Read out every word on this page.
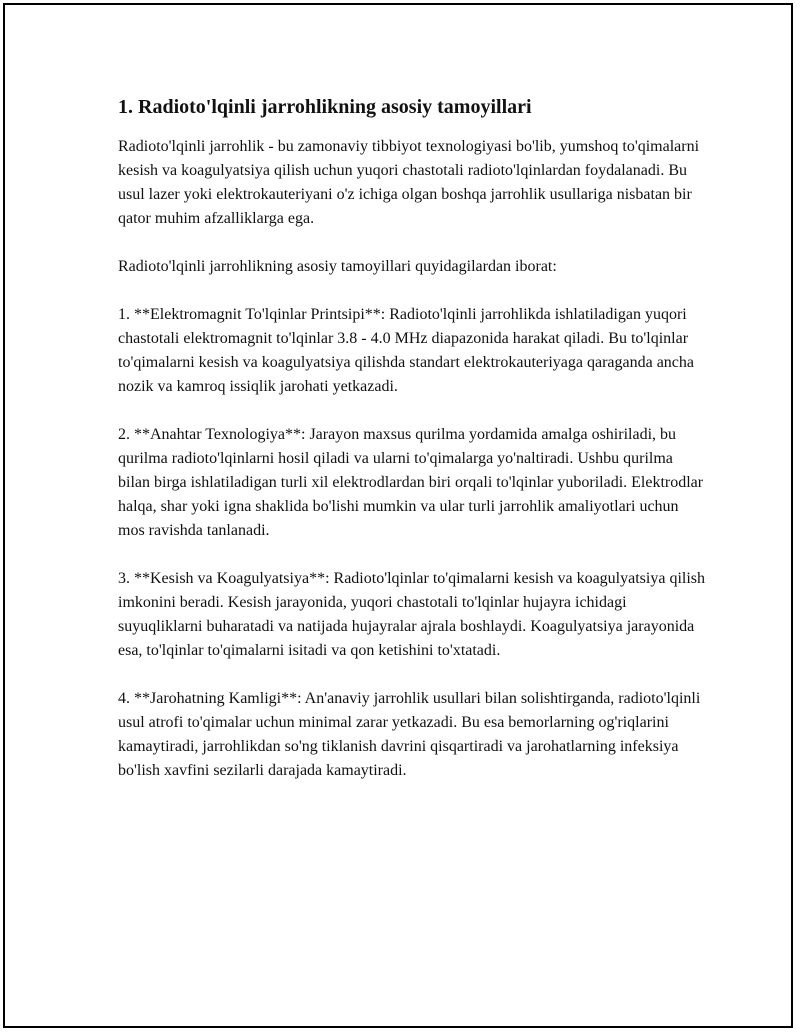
1. Radioto'lqinli jarrohlikning asosiy tamoyillari

Radioto'lqinli jarrohlik - bu zamonaviy tibbiyot texnologiyasi bo'lib, yumshoq to'qimalarni kesish va koagulyatsiya qilish uchun yuqori chastotali radioto'lqinlardan foydalanadi. Bu usul lazer yoki elektrokauteriyani o'z ichiga olgan boshqa jarrohlik usullariga nisbatan bir qator muhim afzalliklarga ega.

Radioto'lqinli jarrohlikning asosiy tamoyillari quyidagilardan iborat:

1. **Elektromagnit To'lqinlar Printsipi**: Radioto'lqinli jarrohlikda ishlatiladigan yuqori chastotali elektromagnit to'lqinlar 3.8 - 4.0 MHz diapazonida harakat qiladi. Bu to'lqinlar to'qimalarni kesish va koagulyatsiya qilishda standart elektrokauteriyaga qaraganda ancha nozik va kamroq issiqlik jarohati yetkazadi.

2. **Anahtar Texnologiya**: Jarayon maxsus qurilma yordamida amalga oshiriladi, bu qurilma radioto'lqinlarni hosil qiladi va ularni to'qimalarga yo'naltiradi. Ushbu qurilma bilan birga ishlatiladigan turli xil elektrodlardan biri orqali to'lqinlar yuboriladi. Elektrodlar halqa, shar yoki igna shaklida bo'lishi mumkin va ular turli jarrohlik amaliyotlari uchun mos ravishda tanlanadi.

3. **Kesish va Koagulyatsiya**: Radioto'lqinlar to'qimalarni kesish va koagulyatsiya qilish imkonini beradi. Kesish jarayonida, yuqori chastotali to'lqinlar hujayra ichidagi suyuqliklarni buharatadi va natijada hujayralar ajrala boshlaydi. Koagulyatsiya jarayonida esa, to'lqinlar to'qimalarni isitadi va qon ketishini to'xtatadi.

4. **Jarohatning Kamligi**: An'anaviy jarrohlik usullari bilan solishtirganda, radioto'lqinli usul atrofi to'qimalar uchun minimal zarar yetkazadi. Bu esa bemorlarning og'riqlarini kamaytiradi, jarrohlikdan so'ng tiklanish davrini qisqartiradi va jarohatlarning infeksiya bo'lish xavfini sezilarli darajada kamaytiradi.
